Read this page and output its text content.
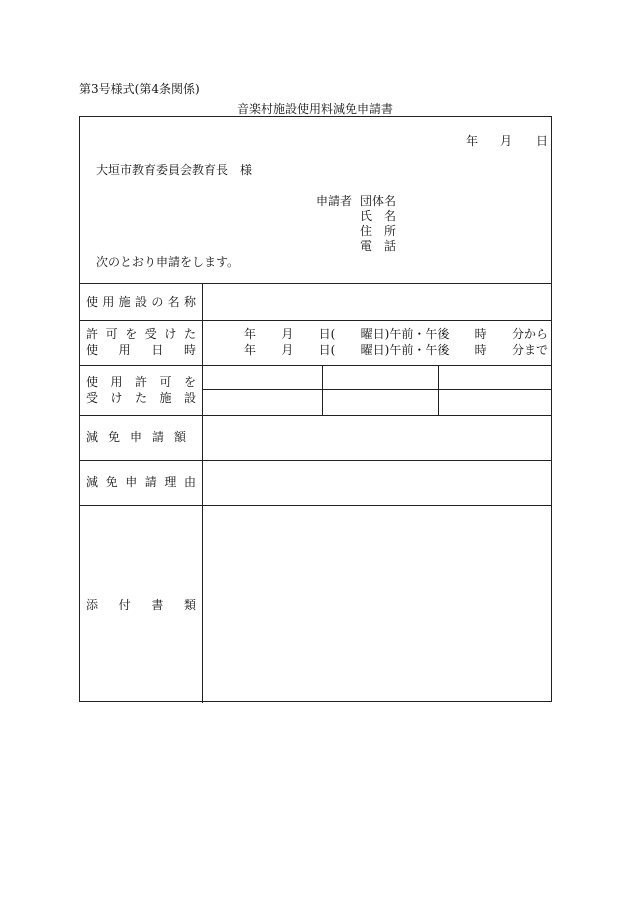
第3号様式(第4条関係)
音楽村施設使用料減免申請書
年 月 日
大垣市教育委員会教育長　様
申請者 団体名
氏　名
住　所
電　話
次のとおり申請をします。
使用施設の名称
許可を受けた
使用日時
年 月 日( 曜日)午前・午後 時 分から
年 月 日( 曜日)午前・午後 時 分まで
使用許可を
受けた施設
減免申請額
減免申請理由
添付書類
